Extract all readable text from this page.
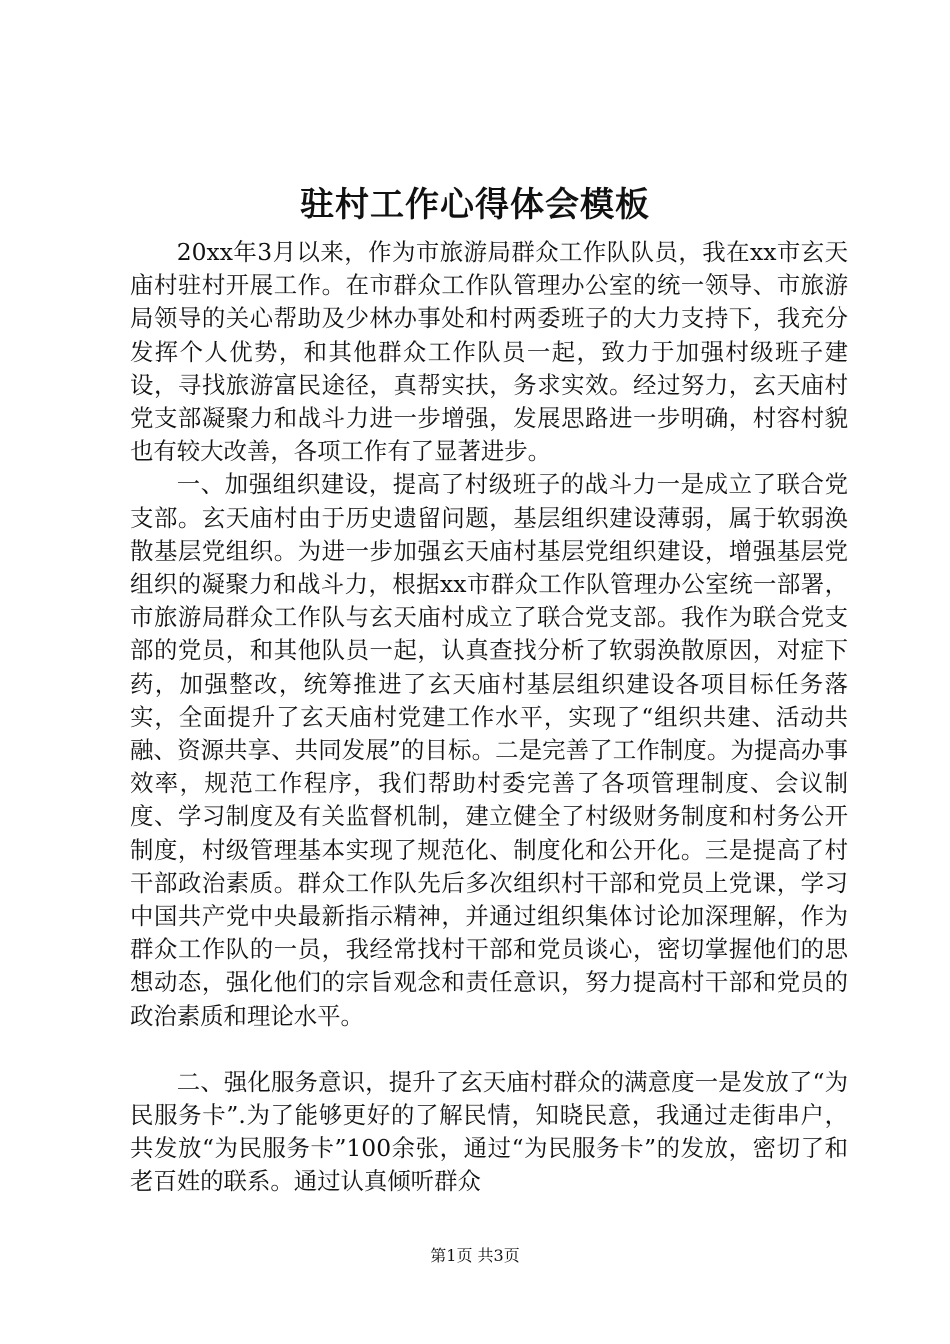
驻村工作心得体会模板

20xx年3月以来，作为市旅游局群众工作队队员，我在xx市玄天庙村驻村开展工作。在市群众工作队管理办公室的统一领导、市旅游局领导的关心帮助及少林办事处和村两委班子的大力支持下，我充分发挥个人优势，和其他群众工作队员一起，致力于加强村级班子建设，寻找旅游富民途径，真帮实扶，务求实效。经过努力，玄天庙村党支部凝聚力和战斗力进一步增强，发展思路进一步明确，村容村貌也有较大改善，各项工作有了显著进步。

一、加强组织建设，提高了村级班子的战斗力一是成立了联合党支部。玄天庙村由于历史遗留问题，基层组织建设薄弱，属于软弱涣散基层党组织。为进一步加强玄天庙村基层党组织建设，增强基层党组织的凝聚力和战斗力，根据xx市群众工作队管理办公室统一部署，市旅游局群众工作队与玄天庙村成立了联合党支部。我作为联合党支部的党员，和其他队员一起，认真查找分析了软弱涣散原因，对症下药，加强整改，统筹推进了玄天庙村基层组织建设各项目标任务落实，全面提升了玄天庙村党建工作水平，实现了“组织共建、活动共融、资源共享、共同发展”的目标。二是完善了工作制度。为提高办事效率，规范工作程序，我们帮助村委完善了各项管理制度、会议制度、学习制度及有关监督机制，建立健全了村级财务制度和村务公开制度，村级管理基本实现了规范化、制度化和公开化。三是提高了村干部政治素质。群众工作队先后多次组织村干部和党员上党课，学习中国共产党中央最新指示精神，并通过组织集体讨论加深理解，作为群众工作队的一员，我经常找村干部和党员谈心，密切掌握他们的思想动态，强化他们的宗旨观念和责任意识，努力提高村干部和党员的政治素质和理论水平。

二、强化服务意识，提升了玄天庙村群众的满意度一是发放了“为民服务卡”.为了能够更好的了解民情，知晓民意，我通过走街串户，共发放“为民服务卡”100余张，通过“为民服务卡”的发放，密切了和老百姓的联系。通过认真倾听群众

第1页 共3页
